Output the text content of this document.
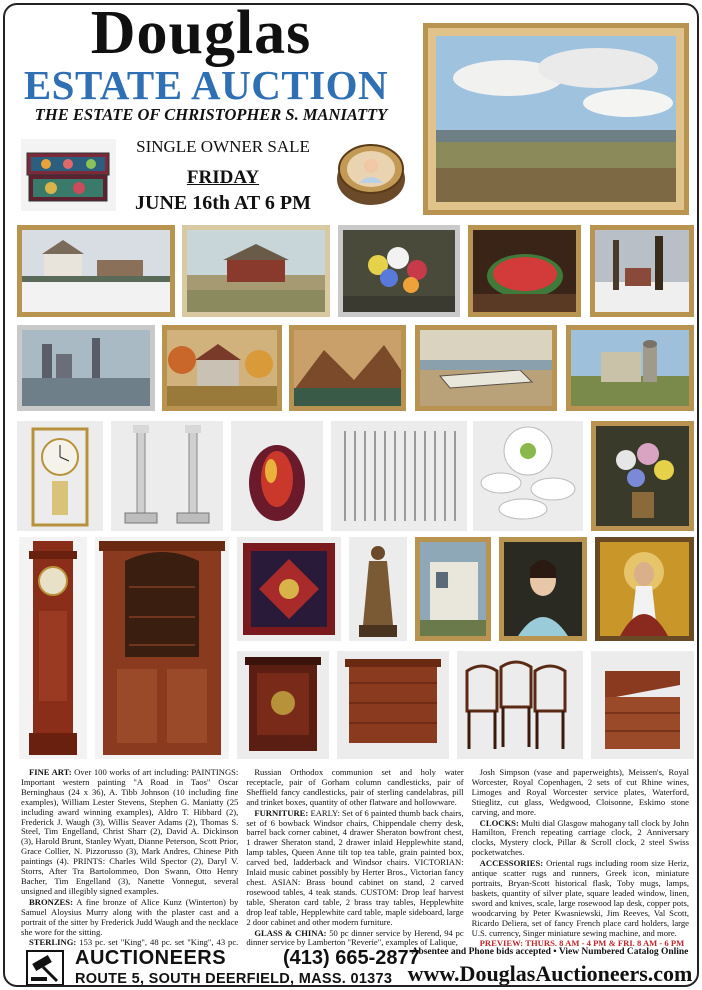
Douglas
ESTATE AUCTION
THE ESTATE OF CHRISTOPHER S. MANIATTY
SINGLE OWNER SALE
FRIDAY
JUNE 16th AT 6 PM

FINE ART: Over 100 works of art including: PAINTINGS: Important western painting "A Road in Taos" Oscar Berninghaus (24 x 36), A. Tibb Johnson (10 including fine examples), William Lester Stevens, Stephen G. Maniatty (25 including award winning examples), Aldro T. Hibbard (2), Frederick J. Waugh (3), Willis Seaver Adams (2), Thomas S. Steel, Tim Engelland, Christ Sharr (2), David A. Dickinson (3), Harold Brunt, Stanley Wyatt, Dianne Peterson, Scott Prior, Grace Collier, N. Pizzorusso (3), Mark Andres, Chinese Pith paintings (4). PRINTS: Charles Wild Spector (2), Daryl V. Storrs, After Tra Bartolommeo, Don Swann, Otto Henry Bacher, Tim Engelland (3), Nanette Vonnegut, several unsigned and illegibly signed examples.

BRONZES: A fine bronze of Alice Kunz (Winterton) by Samuel Aloysius Murry along with the plaster cast and a portrait of the sitter by Frederick Judd Waugh and the necklace she wore for the sitting.

STERLING: 153 pc. set "King", 48 pc. set "King", 43 pc.

Russian Orthodox communion set and holy water receptacle, pair of Gorham column candlesticks, pair of Sheffield fancy candlesticks, pair of sterling candelabras, pill and trinket boxes, quantity of other flatware and hollowware.

FURNITURE: EARLY: Set of 6 painted thumb back chairs, set of 6 bowback Windsor chairs, Chippendale cherry desk, barrel back corner cabinet, 4 drawer Sheraton bowfront chest, 1 drawer Sheraton stand, 2 drawer inlaid Hepplewhite stand, lamp tables, Queen Anne tilt top tea table, grain painted box, carved bed, ladderback and Windsor chairs. VICTORIAN: Inlaid music cabinet possibly by Herter Bros., Victorian fancy chest. ASIAN: Brass bound cabinet on stand, 2 carved rosewood tables, 4 teak stands. CUSTOM: Drop leaf harvest table, Sheraton card table, 2 brass tray tables, Hepplewhite drop leaf table, Hepplewhite card table, maple sideboard, large 2 door cabinet and other modern furniture.

GLASS & CHINA: 50 pc dinner service by Herend, 94 pc dinner service by Lamberton "Reverie", examples of Lalique,

Josh Simpson (vase and paperweights), Meissen's, Royal Worcester, Royal Copenhagen, 2 sets of cut Rhine wines, Limoges and Royal Worcester service plates, Waterford, Stieglitz, cut glass, Wedgwood, Cloisonne, Eskimo stone carving, and more.

CLOCKS: Multi dial Glasgow mahogany tall clock by John Hamilton, French repeating carriage clock, 2 Anniversary clocks, Mystery clock, Pillar & Scroll clock, 2 steel Swiss pocketwatches.

ACCESSORIES: Oriental rugs including room size Heriz, antique scatter rugs and runners, Greek icon, miniature portraits, Bryan-Scott historical flask, Toby mugs, lamps, baskets, quantity of silver plate, square leaded window, linen, sword and knives, scale, large rosewood lap desk, copper pots, woodcarving by Peter Kwasniewski, Jim Reeves, Val Scott, Ricardo Deliera, set of fancy French place card holders, large U.S. currency, Singer miniature sewing machine, and more.

PREVIEW: THURS. 8 AM - 4 PM & FRI. 8 AM - 6 PM

AUCTIONEERS	(413) 665-2877
ROUTE 5, SOUTH DEERFIELD, MASS. 01373
Absentee and Phone bids accepted • View Numbered Catalog Online
www.DouglasAuctioneers.com
